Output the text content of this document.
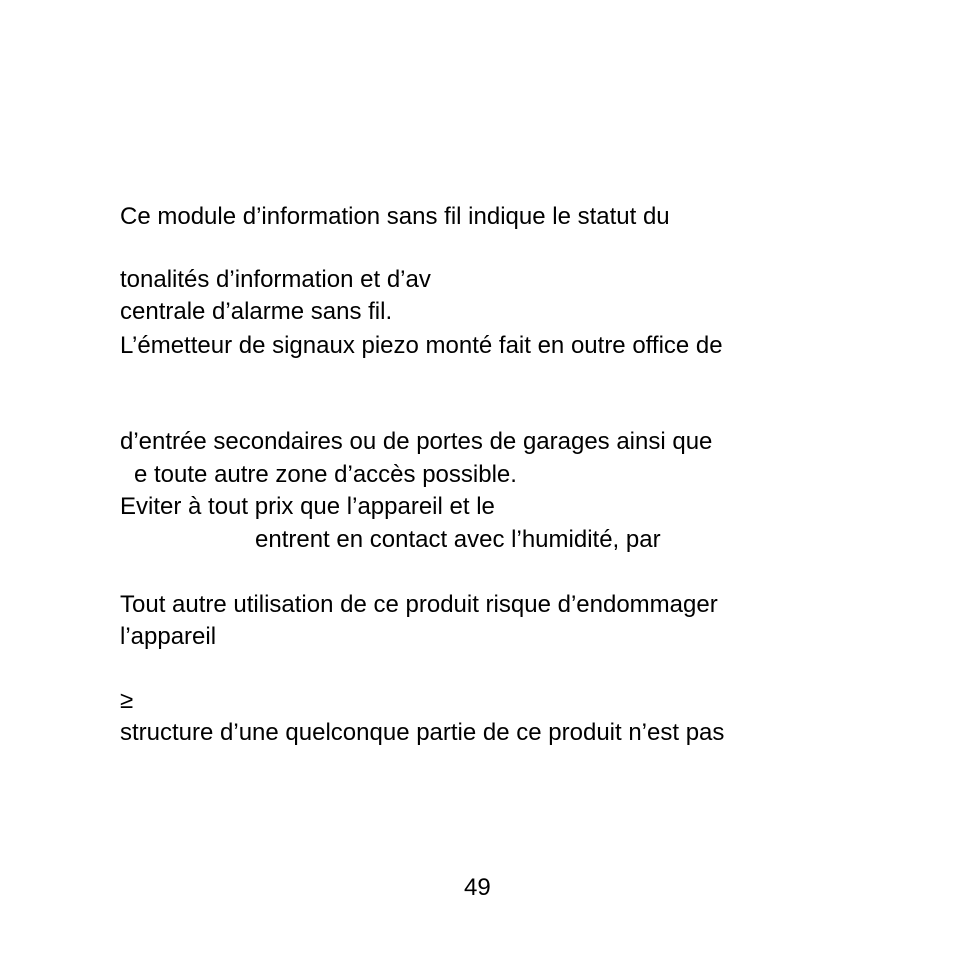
Ce module d’information sans fil indique le statut du
tonalités d’information et d’av
centrale d’alarme sans fil.
L’émetteur de signaux piezo monté fait en outre office de
d’entrée secondaires ou de portes de garages ainsi que
e toute autre zone d’accès possible.
Eviter à tout prix que l’appareil et le
entrent en contact avec l’humidité, par
Tout autre utilisation de ce produit risque d’endommager
l’appareil
≥
structure d’une quelconque partie de ce produit n’est pas
49
